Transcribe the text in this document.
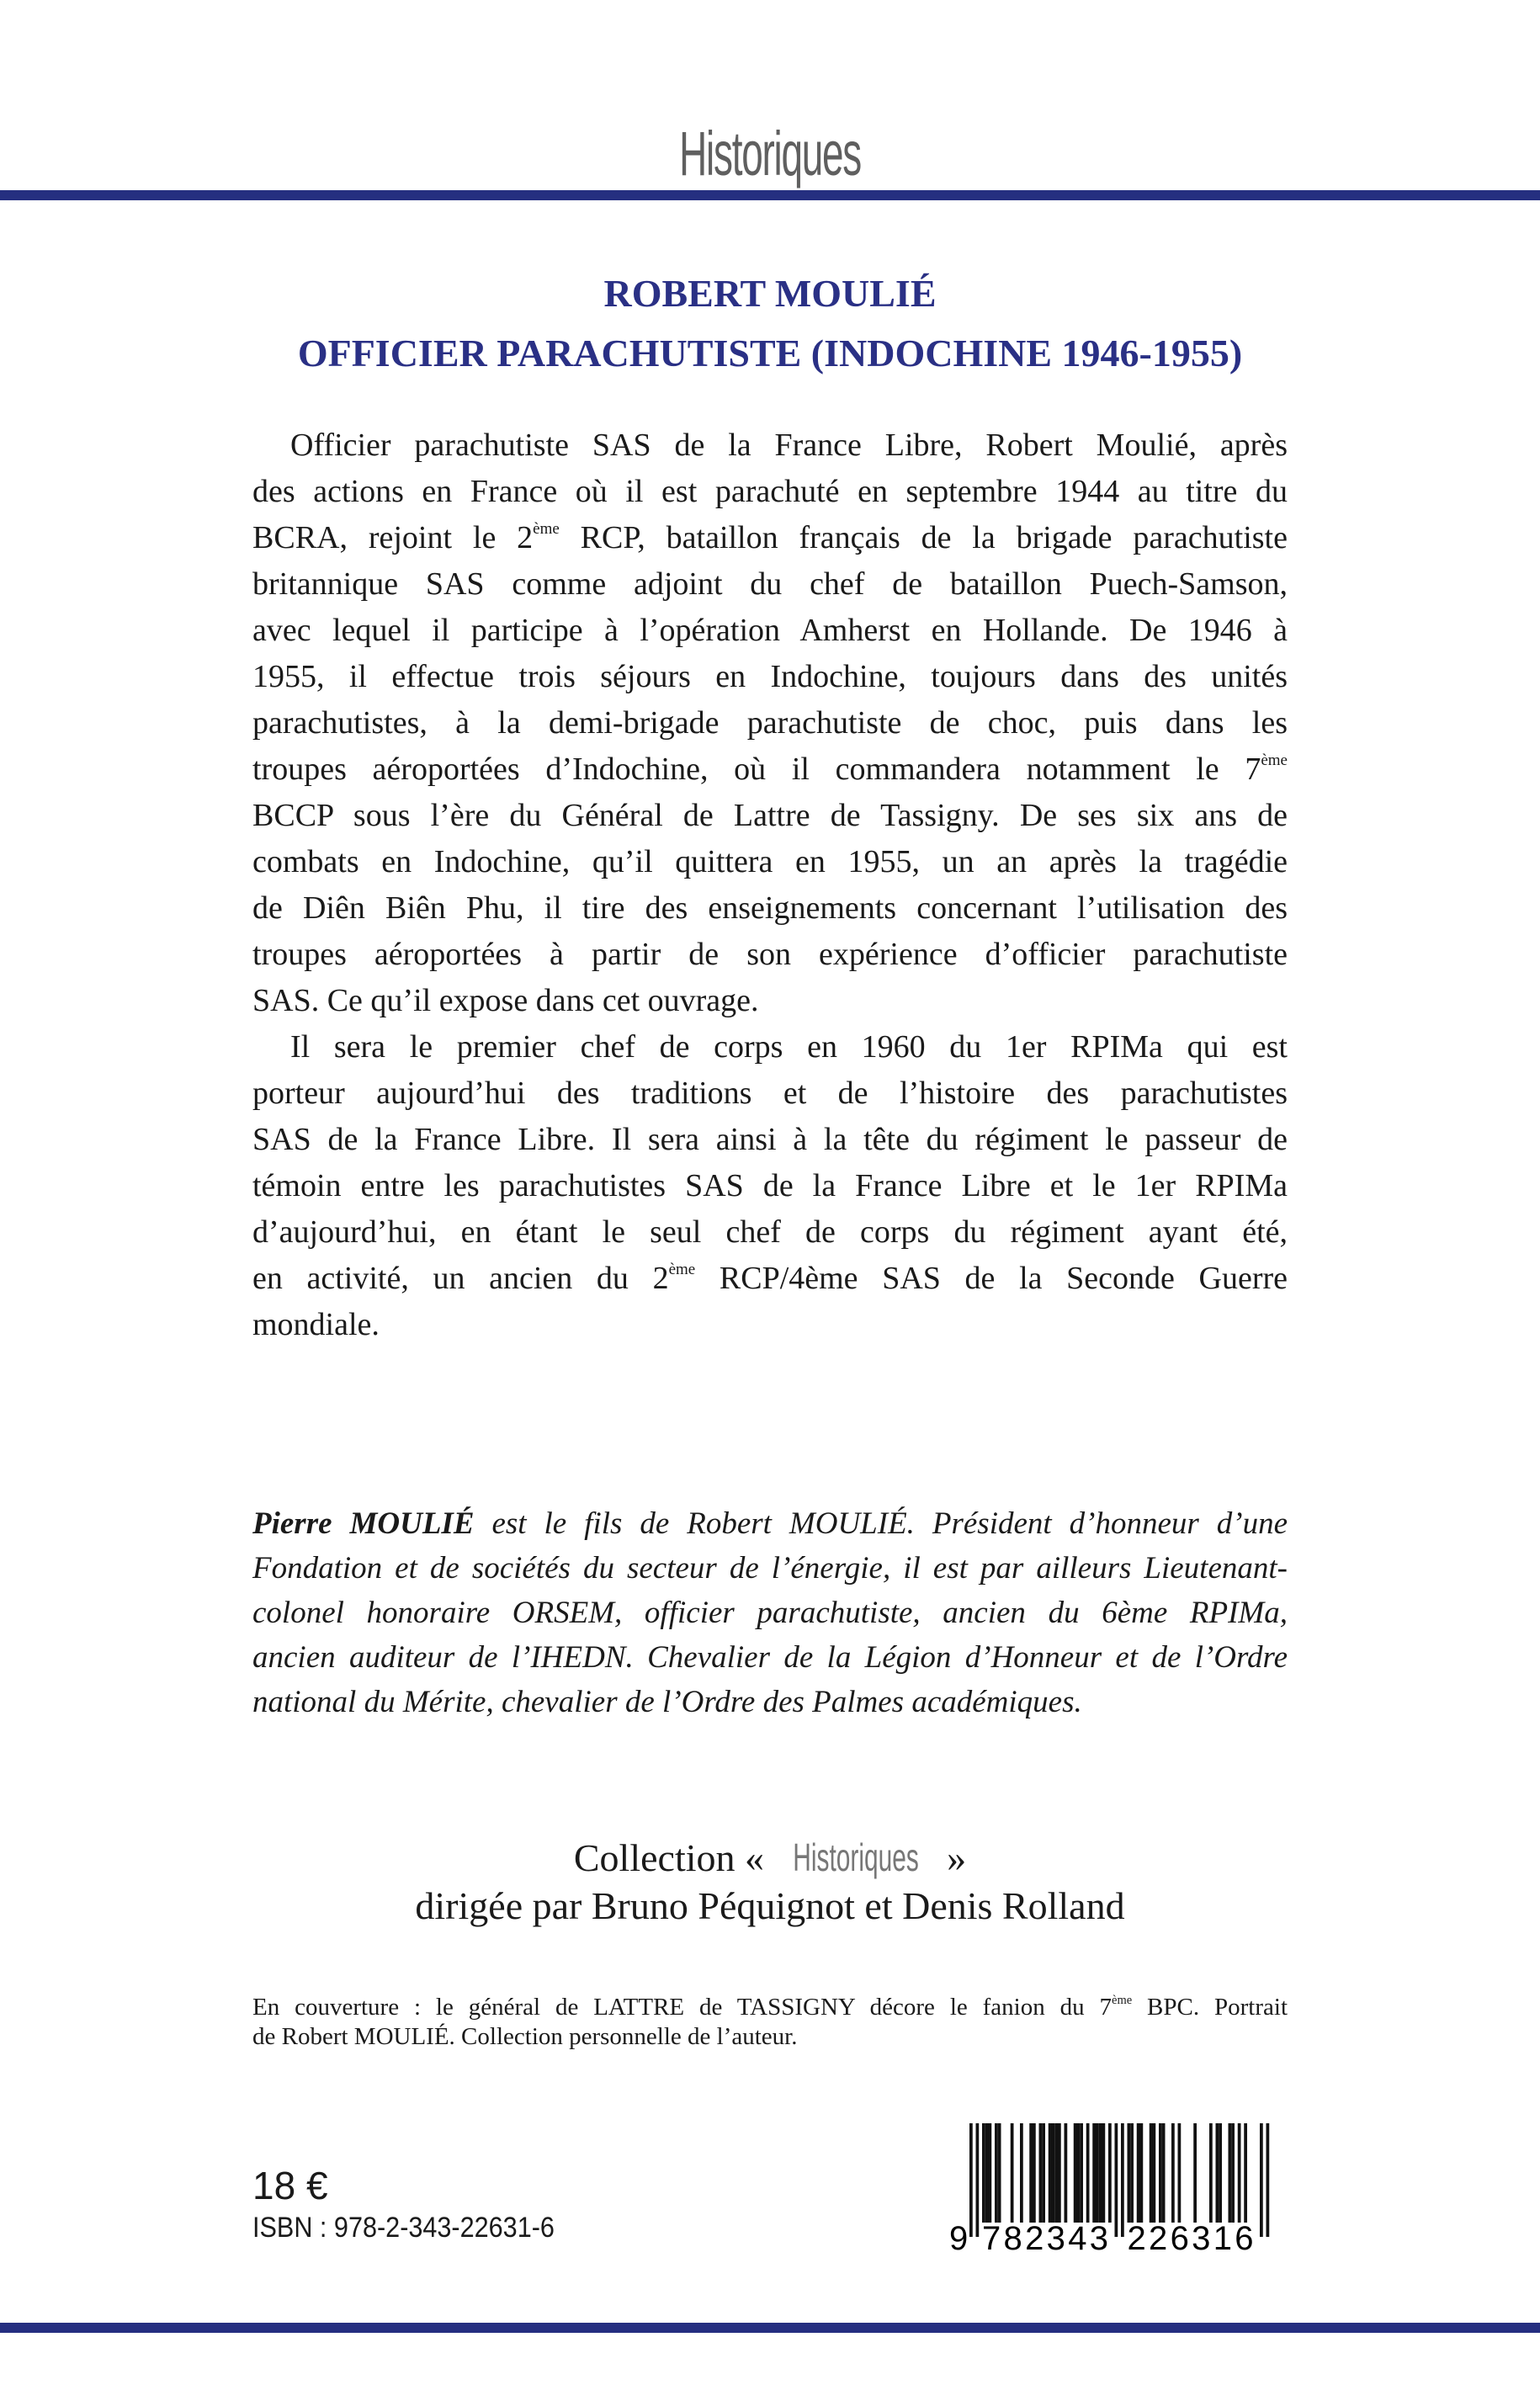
Historiques
ROBERT MOULIÉ
OFFICIER PARACHUTISTE (INDOCHINE 1946-1955)
Officier parachutiste SAS de la France Libre, Robert Moulié, après
des actions en France où il est parachuté en septembre 1944 au titre du
BCRA, rejoint le 2ème RCP, bataillon français de la brigade parachutiste
britannique SAS comme adjoint du chef de bataillon Puech-Samson,
avec lequel il participe à l’opération Amherst en Hollande. De 1946 à
1955, il effectue trois séjours en Indochine, toujours dans des unités
parachutistes, à la demi-brigade parachutiste de choc, puis dans les
troupes aéroportées d’Indochine, où il commandera notamment le 7ème
BCCP sous l’ère du Général de Lattre de Tassigny. De ses six ans de
combats en Indochine, qu’il quittera en 1955, un an après la tragédie
de Diên Biên Phu, il tire des enseignements concernant l’utilisation des
troupes aéroportées à partir de son expérience d’officier parachutiste
SAS. Ce qu’il expose dans cet ouvrage.
Il sera le premier chef de corps en 1960 du 1er RPIMa qui est
porteur aujourd’hui des traditions et de l’histoire des parachutistes
SAS de la France Libre. Il sera ainsi à la tête du régiment le passeur de
témoin entre les parachutistes SAS de la France Libre et le 1er RPIMa
d’aujourd’hui, en étant le seul chef de corps du régiment ayant été,
en activité, un ancien du 2ème RCP/4ème SAS de la Seconde Guerre
mondiale.
Pierre MOULIÉ est le fils de Robert MOULIÉ. Président d’honneur d’une
Fondation et de sociétés du secteur de l’énergie, il est par ailleurs Lieutenant-
colonel honoraire ORSEM, officier parachutiste, ancien du 6ème RPIMa,
ancien auditeur de l’IHEDN. Chevalier de la Légion d’Honneur et de l’Ordre
national du Mérite, chevalier de l’Ordre des Palmes académiques.
Collection « Historiques »
dirigée par Bruno Péquignot et Denis Rolland
En couverture : le général de LATTRE de TASSIGNY décore le fanion du 7ème BPC. Portrait
de Robert MOULIÉ. Collection personnelle de l’auteur.
18 €
ISBN : 978-2-343-22631-6	9 782343 226316
